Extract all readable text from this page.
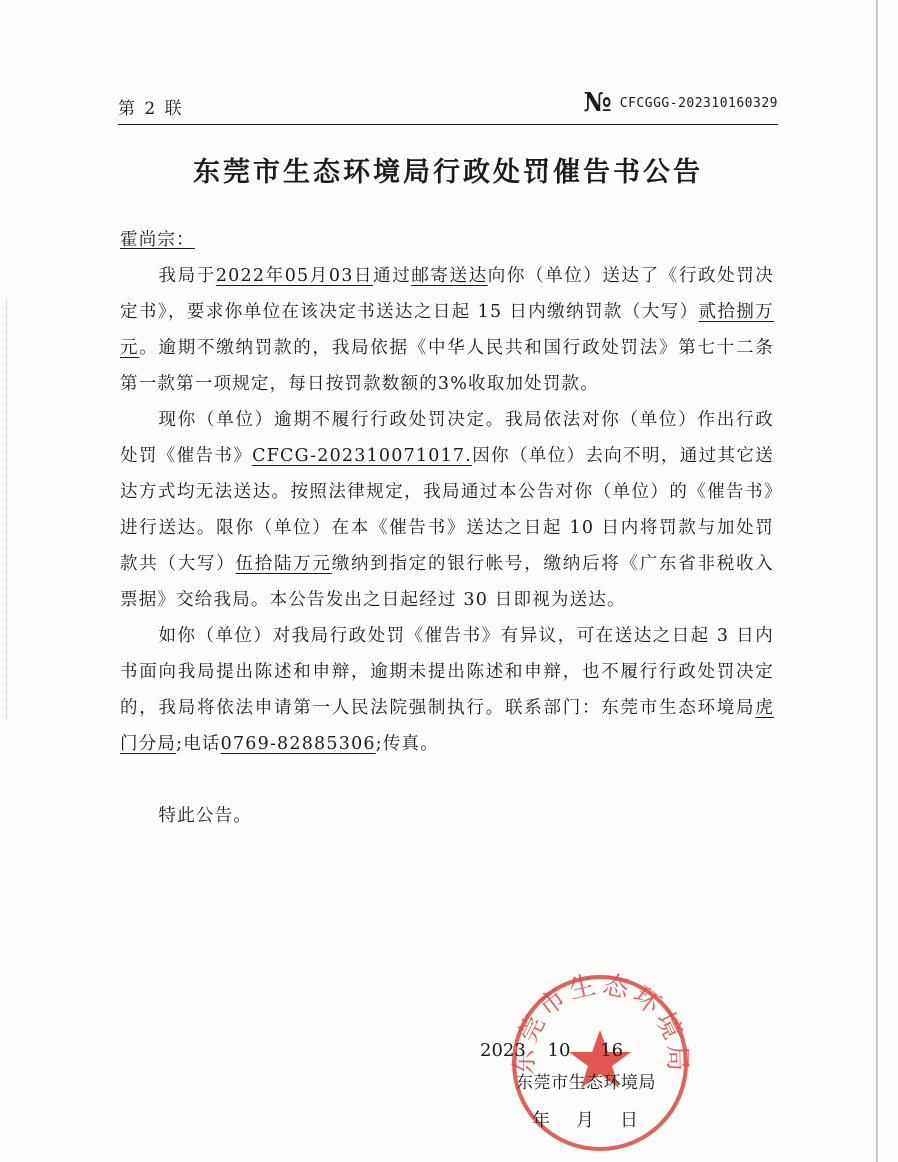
第 2 联	№ CFCGGG-202310160329
东莞市生态环境局行政处罚催告书公告

霍尚宗：

我局于2022年05月03日通过邮寄送达向你（单位）送达了《行政处罚决定书》，要求你单位在该决定书送达之日起 15 日内缴纳罚款（大写）贰拾捌万元。逾期不缴纳罚款的，我局依据《中华人民共和国行政处罚法》第七十二条第一款第一项规定，每日按罚款数额的3%收取加处罚款。

现你（单位）逾期不履行行政处罚决定。我局依法对你（单位）作出行政处罚《催告书》CFCG-202310071017.因你（单位）去向不明，通过其它送达方式均无法送达。按照法律规定，我局通过本公告对你（单位）的《催告书》进行送达。限你（单位）在本《催告书》送达之日起 10 日内将罚款与加处罚款共（大写）伍拾陆万元缴纳到指定的银行帐号，缴纳后将《广东省非税收入票据》交给我局。本公告发出之日起经过 30 日即视为送达。

如你（单位）对我局行政处罚《催告书》有异议，可在送达之日起 3 日内书面向我局提出陈述和申辩，逾期未提出陈述和申辩，也不履行行政处罚决定的，我局将依法申请第一人民法院强制执行。联系部门：东莞市生态环境局虎门分局;电话0769-82885306;传真。

特此公告。

东莞市生态环境局
2023 10 16
东莞市生态环境局
年 月 日
